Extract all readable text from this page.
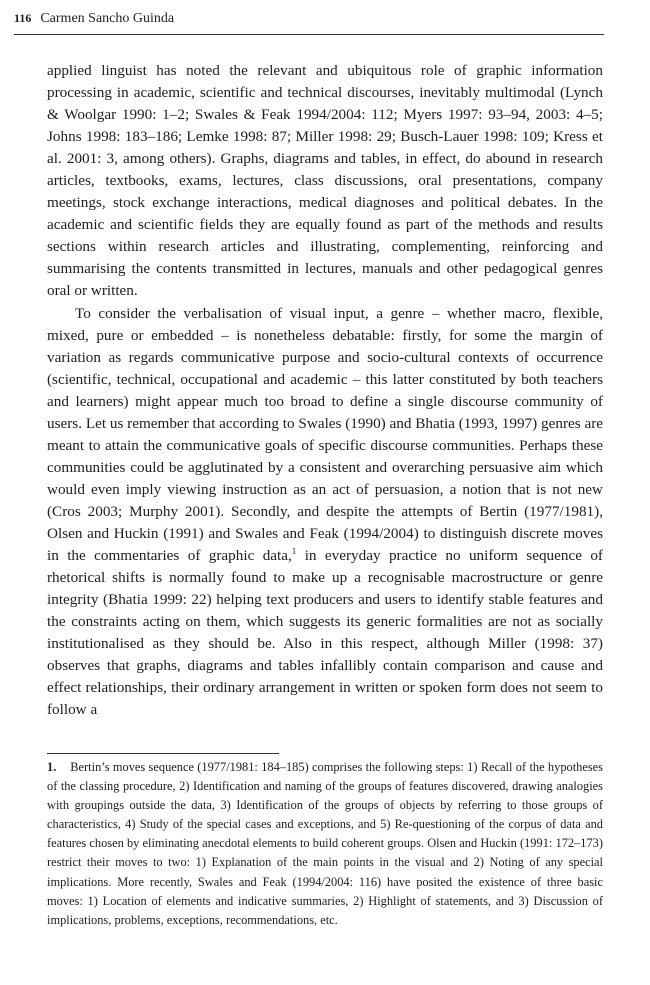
116 Carmen Sancho Guinda

applied linguist has noted the relevant and ubiquitous role of graphic information processing in academic, scientific and technical discourses, inevitably multimodal (Lynch & Woolgar 1990: 1–2; Swales & Feak 1994/2004: 112; Myers 1997: 93–94, 2003: 4–5; Johns 1998: 183–186; Lemke 1998: 87; Miller 1998: 29; Busch-Lauer 1998: 109; Kress et al. 2001: 3, among others). Graphs, diagrams and tables, in effect, do abound in research articles, textbooks, exams, lectures, class discussions, oral presentations, company meetings, stock exchange interactions, medical diagnoses and political debates. In the academic and scientific fields they are equally found as part of the methods and results sections within research articles and illustrating, complementing, reinforcing and summarising the contents transmitted in lectures, manuals and other pedagogical genres oral or written.

To consider the verbalisation of visual input, a genre – whether macro, flexible, mixed, pure or embedded – is nonetheless debatable: firstly, for some the margin of variation as regards communicative purpose and socio-cultural contexts of occurrence (scientific, technical, occupational and academic – this latter constituted by both teachers and learners) might appear much too broad to define a single discourse community of users. Let us remember that according to Swales (1990) and Bhatia (1993, 1997) genres are meant to attain the communicative goals of specific discourse communities. Perhaps these communities could be agglutinated by a consistent and overarching persuasive aim which would even imply viewing instruction as an act of persuasion, a notion that is not new (Cros 2003; Murphy 2001). Secondly, and despite the attempts of Bertin (1977/1981), Olsen and Huckin (1991) and Swales and Feak (1994/2004) to distinguish discrete moves in the commentaries of graphic data,$^1$ in everyday practice no uniform sequence of rhetorical shifts is normally found to make up a recognisable macrostructure or genre integrity (Bhatia 1999: 22) helping text producers and users to identify stable features and the constraints acting on them, which suggests its generic formalities are not as socially institutionalised as they should be. Also in this respect, although Miller (1998: 37) observes that graphs, diagrams and tables infallibly contain comparison and cause and effect relationships, their ordinary arrangement in written or spoken form does not seem to follow a

1. Bertin’s moves sequence (1977/1981: 184–185) comprises the following steps: 1) Recall of the hypotheses of the classing procedure, 2) Identification and naming of the groups of features discovered, drawing analogies with groupings outside the data, 3) Identification of the groups of objects by referring to those groups of characteristics, 4) Study of the special cases and exceptions, and 5) Re-questioning of the corpus of data and features chosen by eliminating anecdotal elements to build coherent groups. Olsen and Huckin (1991: 172–173) restrict their moves to two: 1) Explanation of the main points in the visual and 2) Noting of any special implications. More recently, Swales and Feak (1994/2004: 116) have posited the existence of three basic moves: 1) Location of elements and indicative summaries, 2) Highlight of statements, and 3) Discussion of implications, problems, exceptions, recommendations, etc.
